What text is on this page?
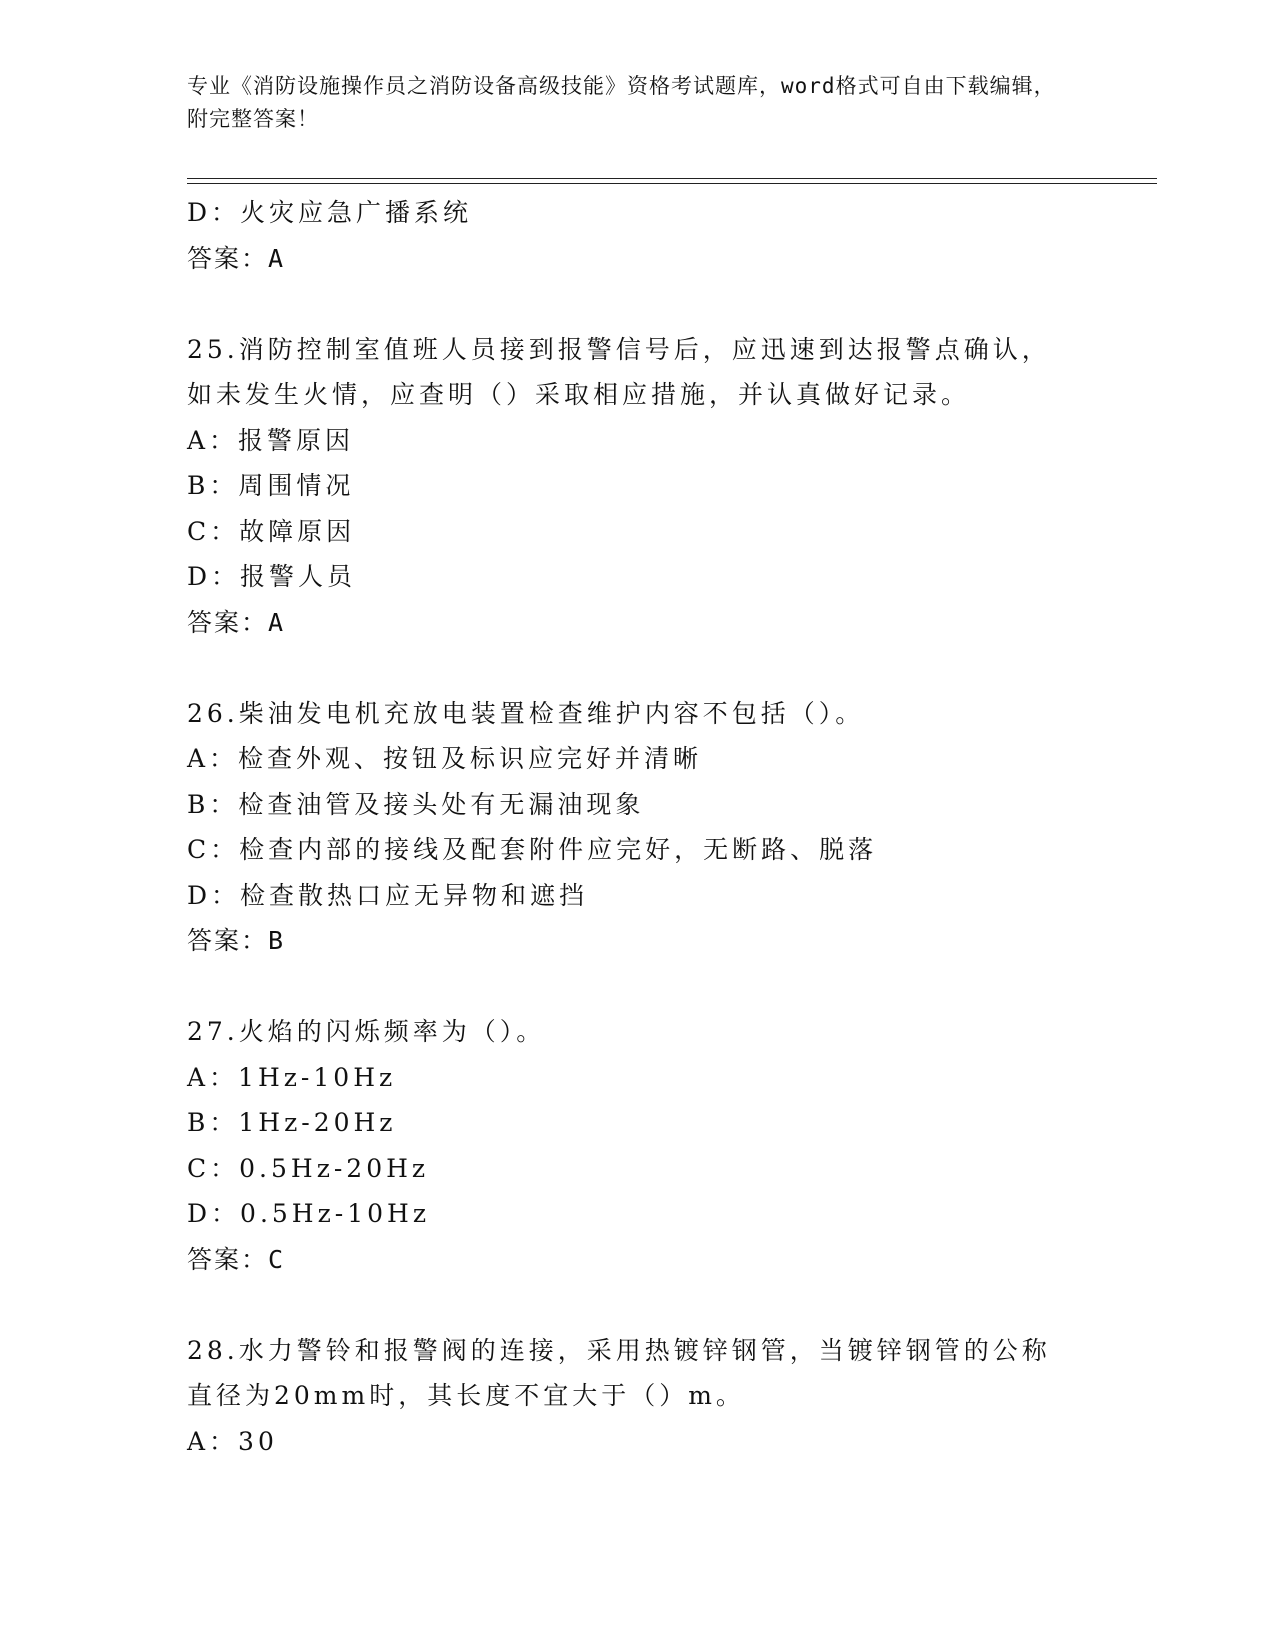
专业《消防设施操作员之消防设备高级技能》资格考试题库，word格式可自由下载编辑，附完整答案！
D：火灾应急广播系统
答案：A
25.消防控制室值班人员接到报警信号后，应迅速到达报警点确认，如未发生火情，应查明（）采取相应措施，并认真做好记录。
A：报警原因
B：周围情况
C：故障原因
D：报警人员
答案：A
26.柴油发电机充放电装置检查维护内容不包括（）。
A：检查外观、按钮及标识应完好并清晰
B：检查油管及接头处有无漏油现象
C：检查内部的接线及配套附件应完好，无断路、脱落
D：检查散热口应无异物和遮挡
答案：B
27.火焰的闪烁频率为（）。
A：1Hz-10Hz
B：1Hz-20Hz
C：0.5Hz-20Hz
D：0.5Hz-10Hz
答案：C
28.水力警铃和报警阀的连接，采用热镀锌钢管，当镀锌钢管的公称直径为20mm时，其长度不宜大于（）m。
A：30
